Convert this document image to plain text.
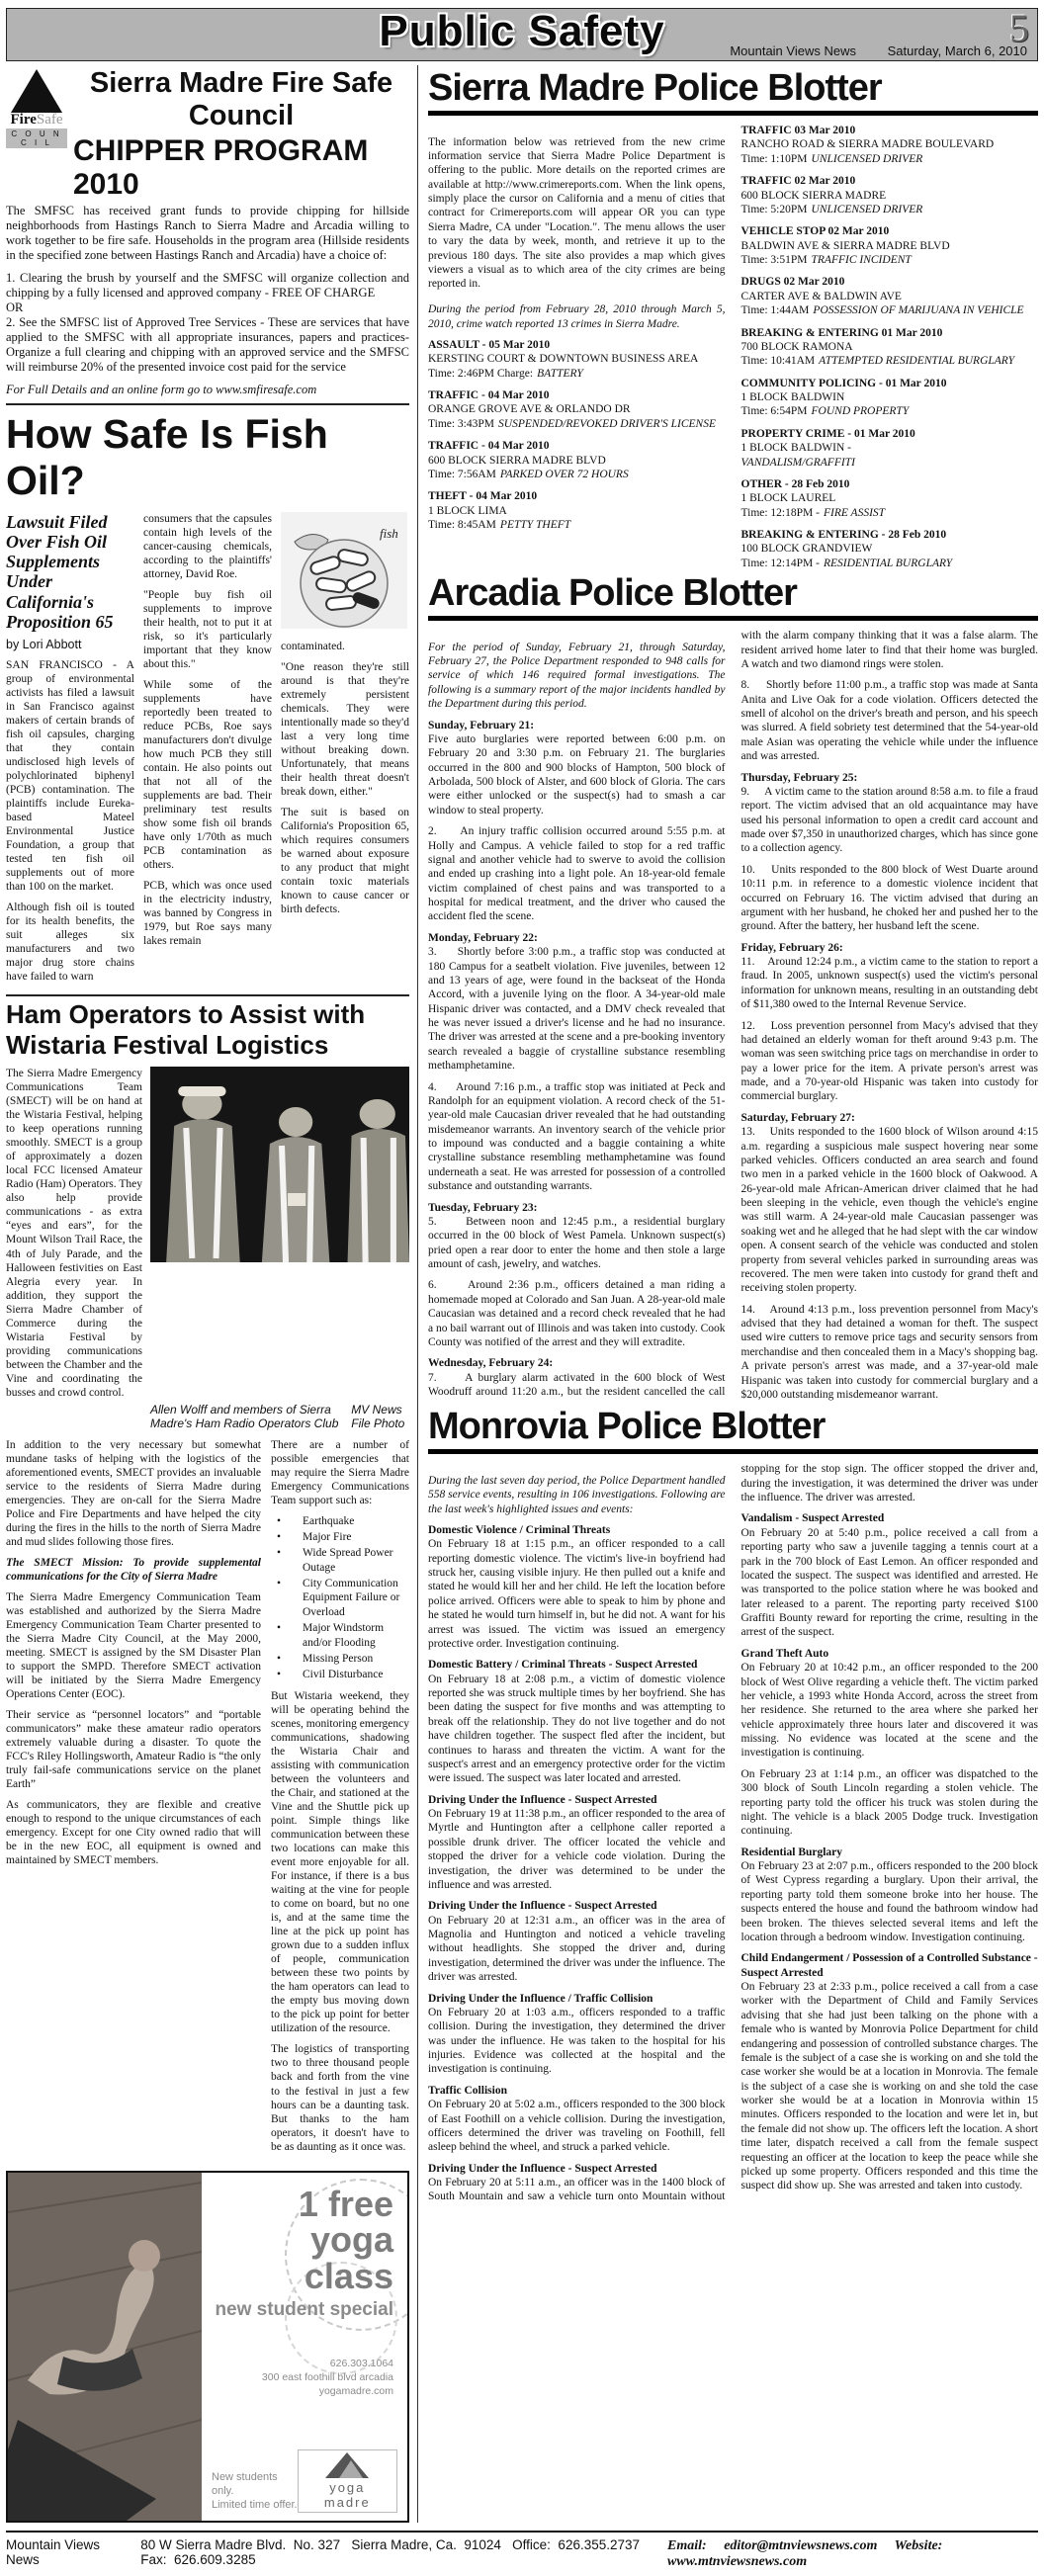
Public Safety	5
Mountain Views News Saturday, March 6, 2010
FireSafe
C O U N C I L
Sierra Madre Fire Safe Council
CHIPPER PROGRAM 2010
The SMFSC has received grant funds to provide chipping for hillside neighborhoods from Hastings Ranch to Sierra Madre and Arcadia willing to work together to be fire safe. Households in the program area (Hillside residents in the specified zone between Hastings Ranch and Arcadia) have a choice of:
1. Clearing the brush by yourself and the SMFSC will organize collection and chipping by a fully licensed and approved company - FREE OF CHARGE
OR
2. See the SMFSC list of Approved Tree Services - These are services that have applied to the SMFSC with all appropriate insurances, papers and practices- Organize a full clearing and chipping with an approved service and the SMFSC will reimburse 20% of the presented invoice cost paid for the service
For Full Details and an online form go to www.smfiresafe.com
How Safe Is Fish Oil?
Lawsuit Filed Over Fish Oil Supplements Under California's Proposition 65
by Lori Abbott

SAN FRANCISCO - A group of environmental activists has filed a lawsuit in San Francisco against makers of certain brands of fish oil capsules, charging that they contain undisclosed high levels of polychlorinated biphenyl (PCB) contamination. The plaintiffs include Eureka-based Mateel Environmental Justice Foundation, a group that tested ten fish oil supplements out of more than 100 on the market.

Although fish oil is touted for its health benefits, the suit alleges six manufacturers and two major drug store chains have failed to warn

consumers that the capsules contain high levels of the cancer-causing chemicals, according to the plaintiffs' attorney, David Roe.

"People buy fish oil supplements to improve their health, not to put it at risk, so it's particularly important that they know about this."

While some of the supplements have reportedly been treated to reduce PCBs, Roe says manufacturers don't divulge how much PCB they still contain. He also points out that not all of the supplements are bad. Their preliminary test results show some fish oil brands have only 1/70th as much PCB contamination as others.

PCB, which was once used in the electricity industry, was banned by Congress in 1979, but Roe says many lakes remain

fish

contaminated.

"One reason they're still around is that they're extremely persistent chemicals. They were intentionally made so they'd last a very long time without breaking down. Unfortunately, that means their health threat doesn't break down, either."

The suit is based on California's Proposition 65, which requires consumers be warned about exposure to any product that might contain toxic materials known to cause cancer or birth defects.

Ham Operators to Assist with Wistaria Festival Logistics
The Sierra Madre Emergency Communications Team (SMECT) will be on hand at the Wistaria Festival, helping to keep operations running smoothly. SMECT is a group of approximately a dozen local FCC licensed Amateur Radio (Ham) Operators. They also help provide communications - as extra “eyes and ears”, for the Mount Wilson Trail Race, the 4th of July Parade, and the Halloween festivities on East Alegria every year. In addition, they support the Sierra Madre Chamber of Commerce during the Wistaria Festival by providing communications between the Chamber and the Vine and coordinating the busses and crowd control.
Allen Wolff and members of Sierra Madre's Ham Radio Operators Club
MV News File Photo

In addition to the very necessary but somewhat mundane tasks of helping with the logistics of the aforementioned events, SMECT provides an invaluable service to the residents of Sierra Madre during emergencies. They are on-call for the Sierra Madre Police and Fire Departments and have helped the city during the fires in the hills to the north of Sierra Madre and mud slides following those fires.

The SMECT Mission: To provide supplemental communications for the City of Sierra Madre

The Sierra Madre Emergency Communication Team was established and authorized by the Sierra Madre Emergency Communication Team Charter presented to the Sierra Madre City Council, at the May 2000, meeting. SMECT is assigned by the SM Disaster Plan to support the SMPD. Therefore SMECT activation will be initiated by the Sierra Madre Emergency Operations Center (EOC).

Their service as “personnel locators” and “portable communicators” make these amateur radio operators extremely valuable during a disaster. To quote the FCC's Riley Hollingsworth, Amateur Radio is “the only truly fail-safe communications service on the planet Earth”

As communicators, they are flexible and creative enough to respond to the unique circumstances of each emergency. Except for one City owned radio that will be in the new EOC, all equipment is owned and maintained by SMECT members.

There are a number of possible emergencies that may require the Sierra Madre Emergency Communications Team support such as:

•	Earthquake
•	Major Fire
•	Wide Spread Power Outage
•	City Communication Equipment Failure or Overload
•	Major Windstorm and/or Flooding
•	Missing Person
•	Civil Disturbance

But Wistaria weekend, they will be operating behind the scenes, monitoring emergency communications, shadowing the Wistaria Chair and assisting with communication between the volunteers and the Chair, and stationed at the Vine and the Shuttle pick up point. Simple things like communication between these two locations can make this event more enjoyable for all. For instance, if there is a bus waiting at the vine for people to come on board, but no one is, and at the same time the line at the pick up point has grown due to a sudden influx of people, communication between these two points by the ham operators can lead to the empty bus moving down to the pick up point for better utilization of the resource.

The logistics of transporting two to three thousand people back and forth from the vine to the festival in just a few hours can be a daunting task. But thanks to the ham operators, it doesn't have to be as daunting as it once was.

1 free
yoga
class
new student special
626.303.1064
300 east foothill blvd arcadia
yogamadre.com
New students only.
Limited time offer.
yoga madre
Sierra Madre Police Blotter

The information below was retrieved from the new crime information service that Sierra Madre Police Department is offering to the public. More details on the reported crimes are available at http://www.crimereports.com. When the link opens, simply place the cursor on California and a menu of cities that contract for Crimereports.com will appear OR you can type Sierra Madre, CA under "Location.". The menu allows the user to vary the data by week, month, and retrieve it up to the previous 180 days. The site also provides a map which gives viewers a visual as to which area of the city crimes are being reported in.

During the period from February 28, 2010 through March 5, 2010, crime watch reported 13 crimes in Sierra Madre.

ASSAULT - 05 Mar 2010
KERSTING COURT & DOWNTOWN BUSINESS AREA
Time: 2:46PM Charge: BATTERY
TRAFFIC - 04 Mar 2010
ORANGE GROVE AVE & ORLANDO DR
Time: 3:43PM SUSPENDED/REVOKED DRIVER'S LICENSE
TRAFFIC - 04 Mar 2010
600 BLOCK SIERRA MADRE BLVD
Time: 7:56AM PARKED OVER 72 HOURS
THEFT - 04 Mar 2010
1 BLOCK LIMA
Time: 8:45AM PETTY THEFT
TRAFFIC 03 Mar 2010
RANCHO ROAD & SIERRA MADRE BOULEVARD
Time: 1:10PM UNLICENSED DRIVER
TRAFFIC 02 Mar 2010
600 BLOCK SIERRA MADRE
Time: 5:20PM UNLICENSED DRIVER
VEHICLE STOP 02 Mar 2010
BALDWIN AVE & SIERRA MADRE BLVD
Time: 3:51PM TRAFFIC INCIDENT
DRUGS 02 Mar 2010
CARTER AVE & BALDWIN AVE
Time: 1:44AM POSSESSION OF MARIJUANA IN VEHICLE
BREAKING & ENTERING 01 Mar 2010
700 BLOCK RAMONA
Time: 10:41AM ATTEMPTED RESIDENTIAL BURGLARY
COMMUNITY POLICING - 01 Mar 2010
1 BLOCK BALDWIN
Time: 6:54PM FOUND PROPERTY
PROPERTY CRIME - 01 Mar 2010
1 BLOCK BALDWIN -
VANDALISM/GRAFFITI
OTHER - 28 Feb 2010
1 BLOCK LAUREL
Time: 12:18PM - FIRE ASSIST
BREAKING & ENTERING - 28 Feb 2010
100 BLOCK GRANDVIEW
Time: 12:14PM - RESIDENTIAL BURGLARY
Arcadia Police Blotter

For the period of Sunday, February 21, through Saturday, February 27, the Police Department responded to 948 calls for service of which 146 required formal investigations. The following is a summary report of the major incidents handled by the Department during this period.

Sunday, February 21:
Five auto burglaries were reported between 6:00 p.m. on February 20 and 3:30 p.m. on February 21. The burglaries occurred in the 800 and 900 blocks of Hampton, 500 block of Arbolada, 500 block of Alster, and 600 block of Gloria. The cars were either unlocked or the suspect(s) had to smash a car window to steal property.
2.     An injury traffic collision occurred around 5:55 p.m. at Holly and Campus. A vehicle failed to stop for a red traffic signal and another vehicle had to swerve to avoid the collision and ended up crashing into a light pole. An 18-year-old female victim complained of chest pains and was transported to a hospital for medical treatment, and the driver who caused the accident fled the scene.
Monday, February 22:
3.     Shortly before 3:00 p.m., a traffic stop was conducted at 180 Campus for a seatbelt violation. Five juveniles, between 12 and 13 years of age, were found in the backseat of the Honda Accord, with a juvenile lying on the floor. A 34-year-old male Hispanic driver was contacted, and a DMV check revealed that he was never issued a driver's license and he had no insurance. The driver was arrested at the scene and a pre-booking inventory search revealed a baggie of crystalline substance resembling methamphetamine.
4.     Around 7:16 p.m., a traffic stop was initiated at Peck and Randolph for an equipment violation. A record check of the 51-year-old male Caucasian driver revealed that he had outstanding misdemeanor warrants. An inventory search of the vehicle prior to impound was conducted and a baggie containing a white crystalline substance resembling methamphetamine was found underneath a seat. He was arrested for possession of a controlled substance and outstanding warrants.
Tuesday, February 23:
5.     Between noon and 12:45 p.m., a residential burglary occurred in the 00 block of West Pamela. Unknown suspect(s) pried open a rear door to enter the home and then stole a large amount of cash, jewelry, and watches.
6.     Around 2:36 p.m., officers detained a man riding a homemade moped at Colorado and San Juan. A 28-year-old male Caucasian was detained and a record check revealed that he had a no bail warrant out of Illinois and was taken into custody. Cook County was notified of the arrest and they will extradite.
Wednesday, February 24:
7.     A burglary alarm activated in the 600 block of West Woodruff around 11:20 a.m., but the resident cancelled the call with the alarm company thinking that it was a false alarm. The resident arrived home later to find that their home was burgled. A watch and two diamond rings were stolen.
8.     Shortly before 11:00 p.m., a traffic stop was made at Santa Anita and Live Oak for a code violation. Officers detected the smell of alcohol on the driver's breath and person, and his speech was slurred. A field sobriety test determined that the 54-year-old male Asian was operating the vehicle while under the influence and was arrested.
Thursday, February 25:
9.     A victim came to the station around 8:58 a.m. to file a fraud report. The victim advised that an old acquaintance may have used his personal information to open a credit card account and made over $7,350 in unauthorized charges, which has since gone to a collection agency.
10.    Units responded to the 800 block of West Duarte around 10:11 p.m. in reference to a domestic violence incident that occurred on February 16. The victim advised that during an argument with her husband, he choked her and pushed her to the ground. After the battery, her husband left the scene.
Friday, February 26:
11.    Around 12:24 p.m., a victim came to the station to report a fraud. In 2005, unknown suspect(s) used the victim's personal information for unknown means, resulting in an outstanding debt of $11,380 owed to the Internal Revenue Service.
12.    Loss prevention personnel from Macy's advised that they had detained an elderly woman for theft around 9:43 p.m. The woman was seen switching price tags on merchandise in order to pay a lower price for the item. A private person's arrest was made, and a 70-year-old Hispanic was taken into custody for commercial burglary.
Saturday, February 27:
13.    Units responded to the 1600 block of Wilson around 4:15 a.m. regarding a suspicious male suspect hovering near some parked vehicles. Officers conducted an area search and found two men in a parked vehicle in the 1600 block of Oakwood. A 26-year-old male African-American driver claimed that he had been sleeping in the vehicle, even though the vehicle's engine was still warm. A 24-year-old male Caucasian passenger was soaking wet and he alleged that he had slept with the car window open. A consent search of the vehicle was conducted and stolen property from several vehicles parked in surrounding areas was recovered. The men were taken into custody for grand theft and receiving stolen property.
14.    Around 4:13 p.m., loss prevention personnel from Macy's advised that they had detained a woman for theft. The suspect used wire cutters to remove price tags and security sensors from merchandise and then concealed them in a Macy's shopping bag. A private person's arrest was made, and a 37-year-old male Hispanic was taken into custody for commercial burglary and a $20,000 outstanding misdemeanor warrant.
Monrovia Police Blotter

During the last seven day period, the Police Department handled 558 service events, resulting in 106 investigations. Following are the last week's highlighted issues and events:

Domestic Violence / Criminal Threats
On February 18 at 1:15 p.m., an officer responded to a call reporting domestic violence. The victim's live-in boyfriend had struck her, causing visible injury. He then pulled out a knife and stated he would kill her and her child. He left the location before police arrived. Officers were able to speak to him by phone and he stated he would turn himself in, but he did not. A want for his arrest was issued. The victim was issued an emergency protective order. Investigation continuing.
Domestic Battery / Criminal Threats - Suspect Arrested
On February 18 at 2:08 p.m., a victim of domestic violence reported she was struck multiple times by her boyfriend. She has been dating the suspect for five months and was attempting to break off the relationship. They do not live together and do not have children together. The suspect fled after the incident, but continues to harass and threaten the victim. A want for the suspect's arrest and an emergency protective order for the victim were issued. The suspect was later located and arrested.
Driving Under the Influence - Suspect Arrested
On February 19 at 11:38 p.m., an officer responded to the area of Myrtle and Huntington after a cellphone caller reported a possible drunk driver. The officer located the vehicle and stopped the driver for a vehicle code violation. During the investigation, the driver was determined to be under the influence and was arrested.
Driving Under the Influence - Suspect Arrested
On February 20 at 12:31 a.m., an officer was in the area of Magnolia and Huntington and noticed a vehicle traveling without headlights. She stopped the driver and, during investigation, determined the driver was under the influence. The driver was arrested.
Driving Under the Influence / Traffic Collision
On February 20 at 1:03 a.m., officers responded to a traffic collision. During the investigation, they determined the driver was under the influence. He was taken to the hospital for his injuries. Evidence was collected at the hospital and the investigation is continuing.
Traffic Collision
On February 20 at 5:02 a.m., officers responded to the 300 block of East Foothill on a vehicle collision. During the investigation, officers determined the driver was traveling on Foothill, fell asleep behind the wheel, and struck a parked vehicle.
Driving Under the Influence - Suspect Arrested
On February 20 at 5:11 a.m., an officer was in the 1400 block of South Mountain and saw a vehicle turn onto Mountain without stopping for the stop sign. The officer stopped the driver and, during the investigation, it was determined the driver was under the influence. The driver was arrested.
Vandalism - Suspect Arrested
On February 20 at 5:40 p.m., police received a call from a reporting party who saw a juvenile tagging a tennis court at a park in the 700 block of East Lemon. An officer responded and located the suspect. The suspect was identified and arrested. He was transported to the police station where he was booked and later released to a parent. The reporting party received $100 Graffiti Bounty reward for reporting the crime, resulting in the arrest of the suspect.
Grand Theft Auto
On February 20 at 10:42 p.m., an officer responded to the 200 block of West Olive regarding a vehicle theft. The victim parked her vehicle, a 1993 white Honda Accord, across the street from her residence. She returned to the area where she parked her vehicle approximately three hours later and discovered it was missing. No evidence was located at the scene and the investigation is continuing.
On February 23 at 1:14 p.m., an officer was dispatched to the 300 block of South Lincoln regarding a stolen vehicle. The reporting party told the officer his truck was stolen during the night. The vehicle is a black 2005 Dodge truck. Investigation continuing.
Residential Burglary
On February 23 at 2:07 p.m., officers responded to the 200 block of West Cypress regarding a burglary. Upon their arrival, the reporting party told them someone broke into her house. The suspects entered the house and found the bathroom window had been broken. The thieves selected several items and left the location through a bedroom window. Investigation continuing.
Child Endangerment / Possession of a Controlled Substance - Suspect Arrested
On February 23 at 2:33 p.m., police received a call from a case worker with the Department of Child and Family Services advising that she had just been talking on the phone with a female who is wanted by Monrovia Police Department for child endangering and possession of controlled substance charges. The female is the subject of a case she is working on and she told the case worker she would be at a location in Monrovia. The female is the subject of a case she is working on and she told the case worker she would be at a location in Monrovia within 15 minutes. Officers responded to the location and were let in, but the female did not show up. The officers left the location. A short time later, dispatch received a call from the female suspect requesting an officer at the location to keep the peace while she picked up some property. Officers responded and this time the suspect did show up. She was arrested and taken into custody.
Mountain Views News
80 W Sierra Madre Blvd.  No. 327   Sierra Madre, Ca.  91024   Office:  626.355.2737  Fax:  626.609.3285
Email: editor@mtnviewsnews.com Website: www.mtnviewsnews.com
